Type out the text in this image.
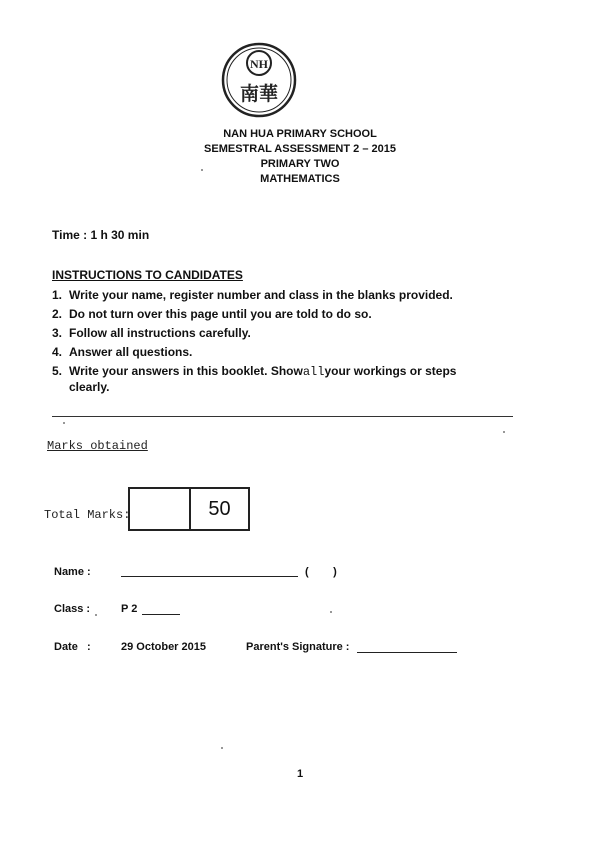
NH
南華
NAN HUA PRIMARY SCHOOL
SEMESTRAL ASSESSMENT 2 – 2015
PRIMARY TWO
MATHEMATICS
Time : 1 h 30 min
INSTRUCTIONS TO CANDIDATES
1. Write your name, register number and class in the blanks provided.
2. Do not turn over this page until you are told to do so.
3. Follow all instructions carefully.
4. Answer all questions.
5. Write your answers in this booklet. Showallyour workings or steps clearly.
Marks obtained
Total Marks:	50
Name :	(        )
Class :	P 2
Date   :	29 October 2015	Parent's Signature :
1
